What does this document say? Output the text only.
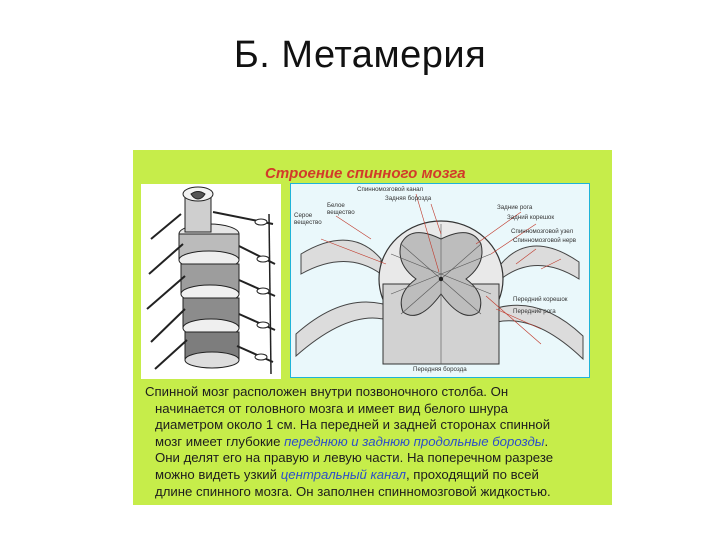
Б. Метамерия
Строение спинного мозга
Спинномозговой канал
Задняя борозда
Белое вещество
Серое вещество
Задние рога
Задний корешок
Спинномозговой узел
Спинномозговой нерв
Передний корешок
Передние рога
Передняя борозда
Спинной мозг расположен внутри позвоночного столба. Он
начинается от головного мозга и имеет вид белого шнура
диаметром около 1 см. На передней и задней сторонах спинной
мозг имеет глубокие переднюю и заднюю продольные борозды.
Они делят его на правую и левую части. На поперечном разрезе
можно видеть узкий центральный канал, проходящий по всей
длине спинного мозга. Он заполнен спинномозговой жидкостью.
